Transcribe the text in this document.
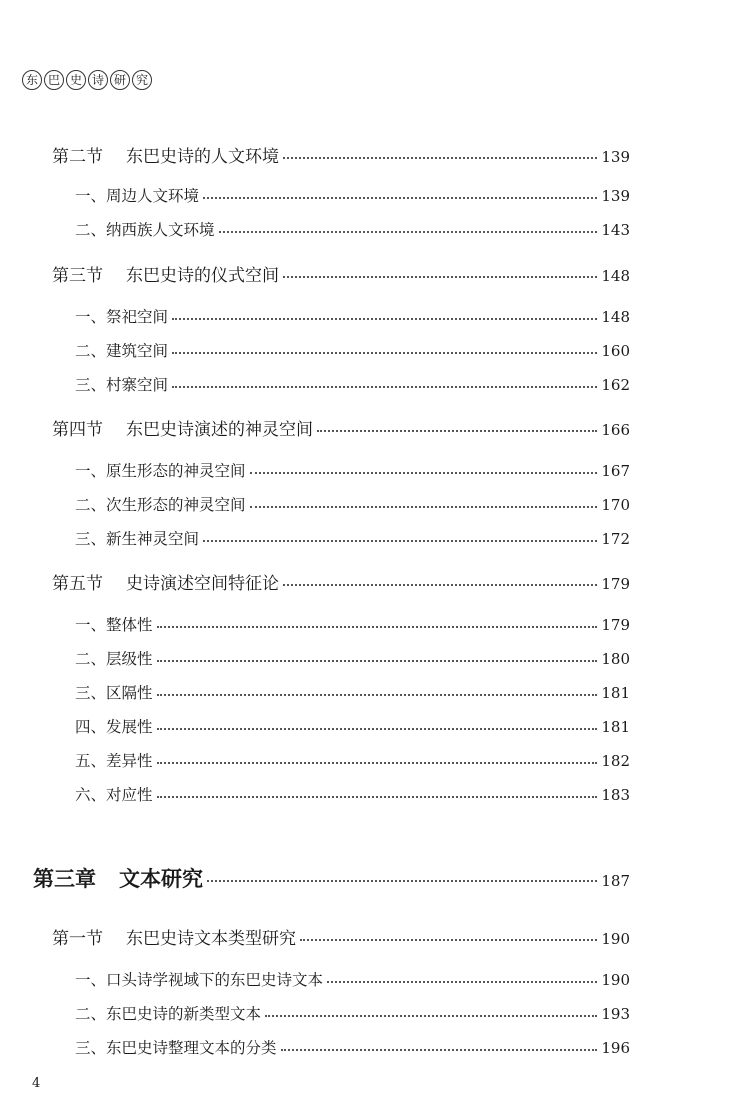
东 巴 史 诗 研 究
第二节	东巴史诗的人文环境	139
一、周边人文环境	139
二、纳西族人文环境	143
第三节	东巴史诗的仪式空间	148
一、祭祀空间	148
二、建筑空间	160
三、村寨空间	162
第四节	东巴史诗演述的神灵空间	166
一、原生形态的神灵空间	167
二、次生形态的神灵空间	170
三、新生神灵空间	172
第五节	史诗演述空间特征论	179
一、整体性	179
二、层级性	180
三、区隔性	181
四、发展性	181
五、差异性	182
六、对应性	183
第三章	文本研究	187
第一节	东巴史诗文本类型研究	190
一、口头诗学视域下的东巴史诗文本	190
二、东巴史诗的新类型文本	193
三、东巴史诗整理文本的分类	196
4
